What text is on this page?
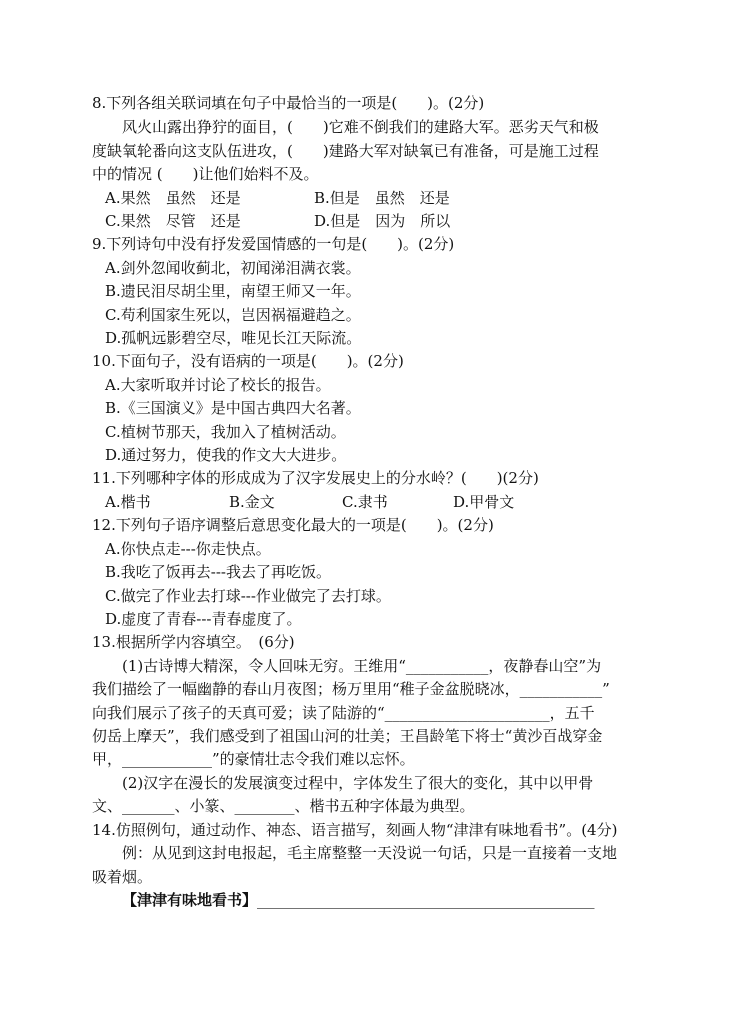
8.下列各组关联词填在句子中最恰当的一项是(　　)。(2分)
风火山露出狰狞的面目，(　　)它难不倒我们的建路大军。恶劣天气和极
度缺氧轮番向这支队伍进攻，(　　)建路大军对缺氧已有准备，可是施工过程
中的情况 (　　)让他们始料不及。
A.果然　虽然　还是	B.但是　虽然　还是
C.果然　尽管　还是	D.但是　因为　所以
9.下列诗句中没有抒发爱国情感的一句是(　　)。(2分)
A.剑外忽闻收蓟北，初闻涕泪满衣裳。
B.遗民泪尽胡尘里，南望王师又一年。
C.苟利国家生死以，岂因祸福避趋之。
D.孤帆远影碧空尽，唯见长江天际流。
10.下面句子，没有语病的一项是(　　)。(2分)
A.大家听取并讨论了校长的报告。
B.《三国演义》是中国古典四大名著。
C.植树节那天，我加入了植树活动。
D.通过努力，使我的作文大大进步。
11.下列哪种字体的形成成为了汉字发展史上的分水岭？(　　)(2分)
A.楷书	B.金文	C.隶书	D.甲骨文
12.下列句子语序调整后意思变化最大的一项是(　　)。(2分)
A.你快点走---你走快点。
B.我吃了饭再去---我去了再吃饭。
C.做完了作业去打球---作业做完了去打球。
D.虚度了青春---青春虚度了。
13.根据所学内容填空。　(6分)
(1)古诗博大精深，令人回味无穷。王维用“___________，夜静春山空”为
我们描绘了一幅幽静的春山月夜图；杨万里用“稚子金盆脱晓冰，___________”
向我们展示了孩子的天真可爱；读了陆游的“______________________，五千
仞岳上摩天”，我们感受到了祖国山河的壮美；王昌龄笔下将士“黄沙百战穿金
甲，____________”的豪情壮志令我们难以忘怀。
(2)汉字在漫长的发展演变过程中，字体发生了很大的变化，其中以甲骨
文、_______、小篆、________、楷书五种字体最为典型。
14.仿照例句，通过动作、神态、语言描写，刻画人物“津津有味地看书”。(4分)
例：从见到这封电报起，毛主席整整一天没说一句话，只是一直接着一支地
吸着烟。
【津津有味地看书】_____________________________________________
